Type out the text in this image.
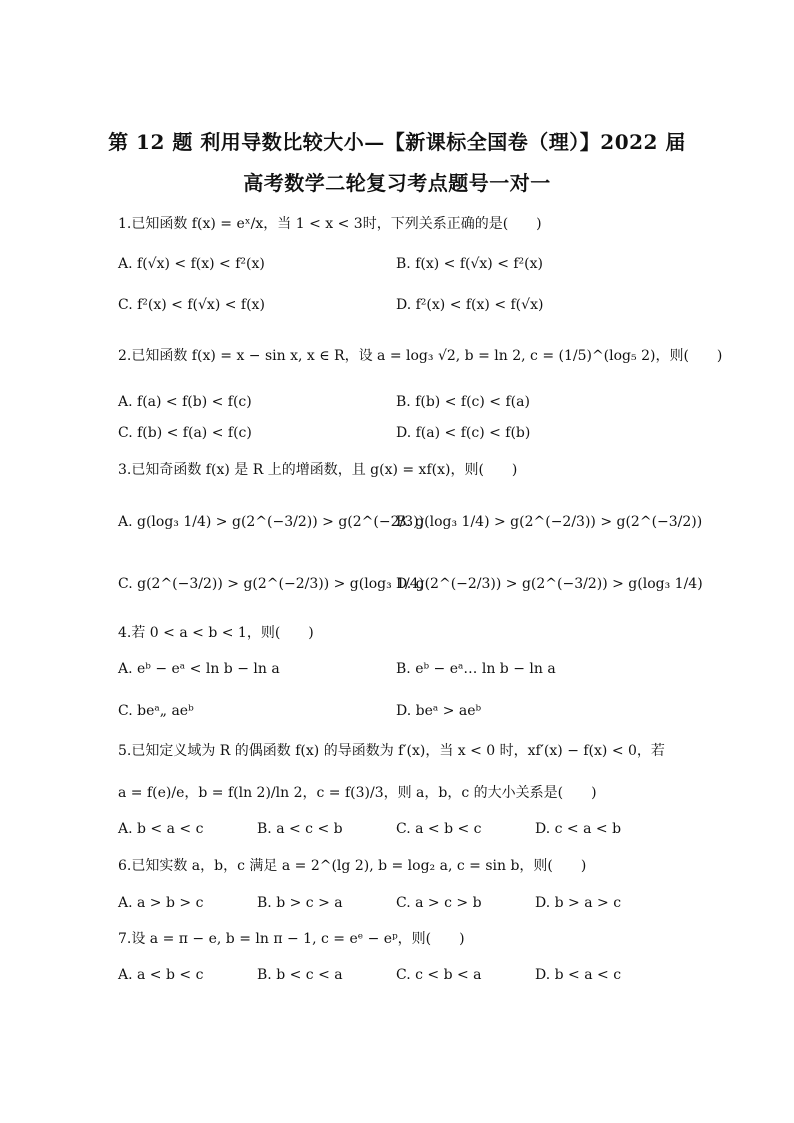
第 12 题 利用导数比较大小—【新课标全国卷（理）】2022 届
高考数学二轮复习考点题号一对一
1.已知函数 f(x) = eˣ/x，当 1 < x < 3时，下列关系正确的是(　　)
A. f(√x) < f(x) < f²(x)	B. f(x) < f(√x) < f²(x)
C. f²(x) < f(√x) < f(x)	D. f²(x) < f(x) < f(√x)
2.已知函数 f(x) = x − sin x, x ∈ R，设 a = log₃ √2, b = ln 2, c = (1/5)^(log₅ 2)，则(　　)
A. f(a) < f(b) < f(c)	B. f(b) < f(c) < f(a)
C. f(b) < f(a) < f(c)	D. f(a) < f(c) < f(b)
3.已知奇函数 f(x) 是 R 上的增函数，且 g(x) = xf(x)，则(　　)
A. g(log₃ 1/4) > g(2^(−3/2)) > g(2^(−2/3))
B. g(log₃ 1/4) > g(2^(−2/3)) > g(2^(−3/2))
C. g(2^(−3/2)) > g(2^(−2/3)) > g(log₃ 1/4)
D. g(2^(−2/3)) > g(2^(−3/2)) > g(log₃ 1/4)
4.若 0 < a < b < 1，则(　　)
A. eᵇ − eᵃ < ln b − ln a	B. eᵇ − eᵃ… ln b − ln a
C. beᵃ„ aeᵇ	D. beᵃ > aeᵇ
5.已知定义域为 R 的偶函数 f(x) 的导函数为 f′(x)，当 x < 0 时，xf′(x) − f(x) < 0，若
a = f(e)/e，b = f(ln 2)/ln 2，c = f(3)/3，则 a，b，c 的大小关系是(　　)
A. b < a < c	B. a < c < b	C. a < b < c	D. c < a < b
6.已知实数 a，b，c 满足 a = 2^(lg 2), b = log₂ a, c = sin b，则(　　)
A. a > b > c	B. b > c > a	C. a > c > b	D. b > a > c
7.设 a = π − e, b = ln π − 1, c = eᵉ − eᵖ，则(　　)
A. a < b < c	B. b < c < a	C. c < b < a	D. b < a < c
